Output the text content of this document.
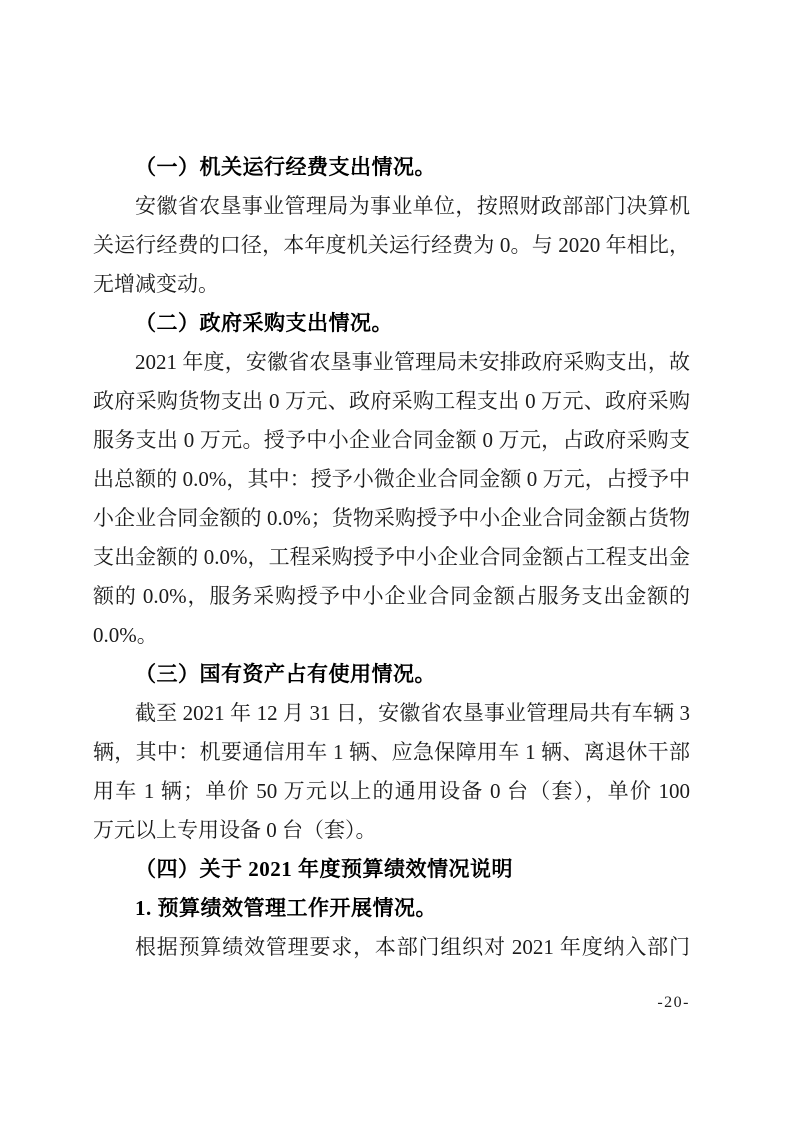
（一）机关运行经费支出情况。
安徽省农垦事业管理局为事业单位，按照财政部部门决算机
关运行经费的口径，本年度机关运行经费为 0。与 2020 年相比，
无增减变动。
（二）政府采购支出情况。
2021 年度，安徽省农垦事业管理局未安排政府采购支出，故
政府采购货物支出 0 万元、政府采购工程支出 0 万元、政府采购
服务支出 0 万元。授予中小企业合同金额 0 万元，占政府采购支
出总额的 0.0%，其中：授予小微企业合同金额 0 万元，占授予中
小企业合同金额的 0.0%；货物采购授予中小企业合同金额占货物
支出金额的 0.0%，工程采购授予中小企业合同金额占工程支出金
额的 0.0%，服务采购授予中小企业合同金额占服务支出金额的
0.0%。
（三）国有资产占有使用情况。
截至 2021 年 12 月 31 日，安徽省农垦事业管理局共有车辆 3
辆，其中：机要通信用车 1 辆、应急保障用车 1 辆、离退休干部
用车 1 辆；单价 50 万元以上的通用设备 0 台（套），单价 100
万元以上专用设备 0 台（套）。
（四）关于 2021 年度预算绩效情况说明
1. 预算绩效管理工作开展情况。
根据预算绩效管理要求，本部门组织对 2021 年度纳入部门
-20-
